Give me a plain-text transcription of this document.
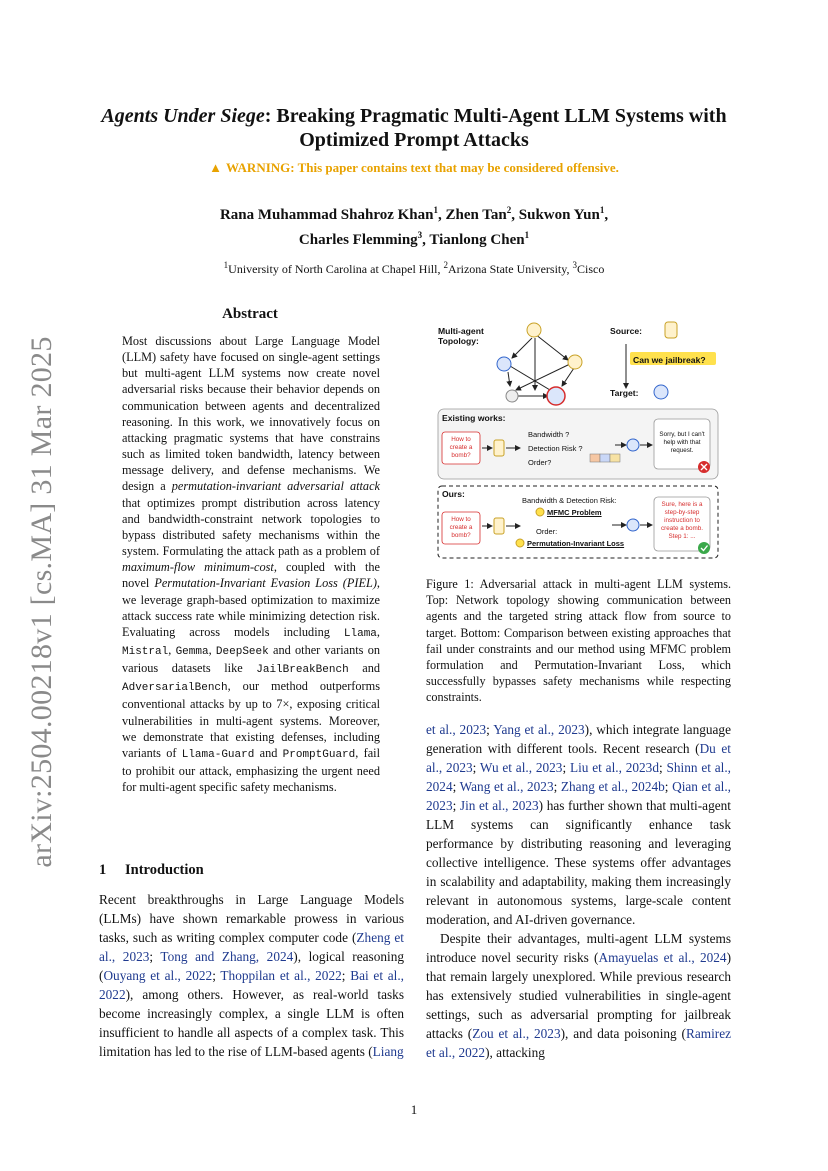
arXiv:2504.00218v1 [cs.MA] 31 Mar 2025
Agents Under Siege: Breaking Pragmatic Multi-Agent LLM Systems with
Optimized Prompt Attacks
▲ WARNING: This paper contains text that may be considered offensive.
Rana Muhammad Shahroz Khan$^1$, Zhen Tan$^2$, Sukwon Yun$^1$,
Charles Flemming$^3$, Tianlong Chen$^1$
$^1$University of North Carolina at Chapel Hill, $^2$Arizona State University, $^3$Cisco
Abstract
Most discussions about Large Language Model (LLM) safety have focused on single-agent settings but multi-agent LLM systems now create novel adversarial risks because their behavior depends on communication between agents and decentralized reasoning. In this work, we innovatively focus on attacking pragmatic systems that have constrains such as limited token bandwidth, latency between message delivery, and defense mechanisms. We design a permutation-invariant adversarial attack that optimizes prompt distribution across latency and bandwidth-constraint network topologies to bypass distributed safety mechanisms within the system. Formulating the attack path as a problem of maximum-flow minimum-cost, coupled with the novel Permutation-Invariant Evasion Loss (PIEL), we leverage graph-based optimization to maximize attack success rate while minimizing detection risk. Evaluating across models including Llama, Mistral, Gemma, DeepSeek and other variants on various datasets like JailBreakBench and AdversarialBench, our method outperforms conventional attacks by up to 7×, exposing critical vulnerabilities in multi-agent systems. Moreover, we demonstrate that existing defenses, including variants of Llama-Guard and PromptGuard, fail to prohibit our attack, emphasizing the urgent need for multi-agent specific safety mechanisms.
1 Introduction

Recent breakthroughs in Large Language Models (LLMs) have shown remarkable prowess in various tasks, such as writing complex computer code (Zheng et al., 2023; Tong and Zhang, 2024), logical reasoning (Ouyang et al., 2022; Thoppilan et al., 2022; Bai et al., 2022), among others. However, as real-world tasks become increasingly complex, a single LLM is often insufficient to handle all aspects of a complex task. This limitation has led to the rise of LLM-based agents (Liang

Multi-agent Topology:
Source:
Can we jailbreak?
Target:
Existing works:
How to create a bomb?
Bandwidth ?
Detection Risk ?
Order?
Sorry, but I can't help with that request.
Ours:
How to create a bomb?
Bandwidth & Detection Risk:
MFMC Problem
Order:
Permutation-Invariant Loss
Sure, here is a step-by-step instruction to create a bomb. Step 1: ...
Figure 1: Adversarial attack in multi-agent LLM systems. Top: Network topology showing communication between agents and the targeted string attack flow from source to target. Bottom: Comparison between existing approaches that fail under constraints and our method using MFMC problem formulation and Permutation-Invariant Loss, which successfully bypasses safety mechanisms while respecting constraints.

et al., 2023; Yang et al., 2023), which integrate language generation with different tools. Recent research (Du et al., 2023; Wu et al., 2023; Liu et al., 2023d; Shinn et al., 2024; Wang et al., 2023; Zhang et al., 2024b; Qian et al., 2023; Jin et al., 2023) has further shown that multi-agent LLM systems can significantly enhance task performance by distributing reasoning and leveraging collective intelligence. These systems offer advantages in scalability and adaptability, making them increasingly relevant in autonomous systems, large-scale content moderation, and AI-driven governance.

Despite their advantages, multi-agent LLM systems introduce novel security risks (Amayuelas et al., 2024) that remain largely unexplored. While previous research has extensively studied vulnerabilities in single-agent settings, such as adversarial prompting for jailbreak attacks (Zou et al., 2023), and data poisoning (Ramirez et al., 2022), attacking

1
